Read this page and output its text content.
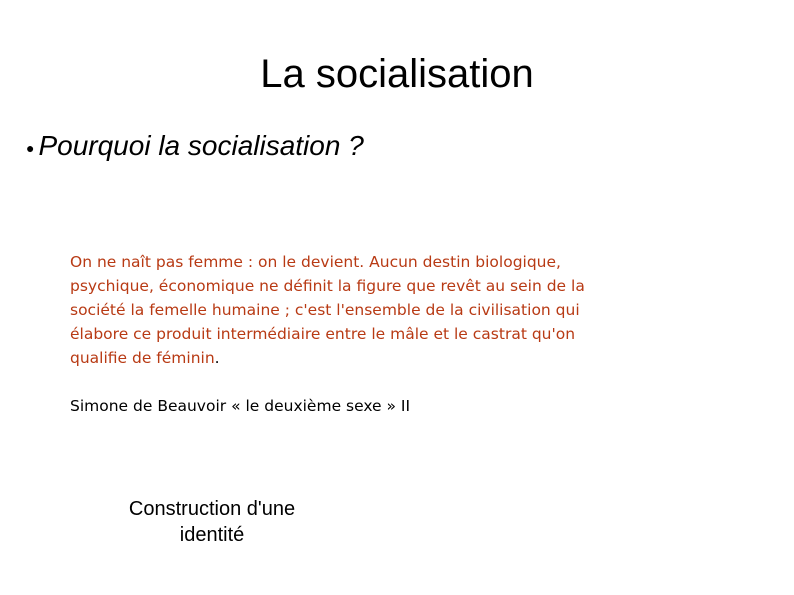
La socialisation
● Pourquoi la socialisation ?

On ne naît pas femme : on le devient. Aucun destin biologique, psychique, économique ne définit la figure que revêt au sein de la société la femelle humaine ; c'est l'ensemble de la civilisation qui élabore ce produit intermédiaire entre le mâle et le castrat qu'on qualifie de féminin.

Simone de Beauvoir « le deuxième sexe » II

Construction d'une identité
